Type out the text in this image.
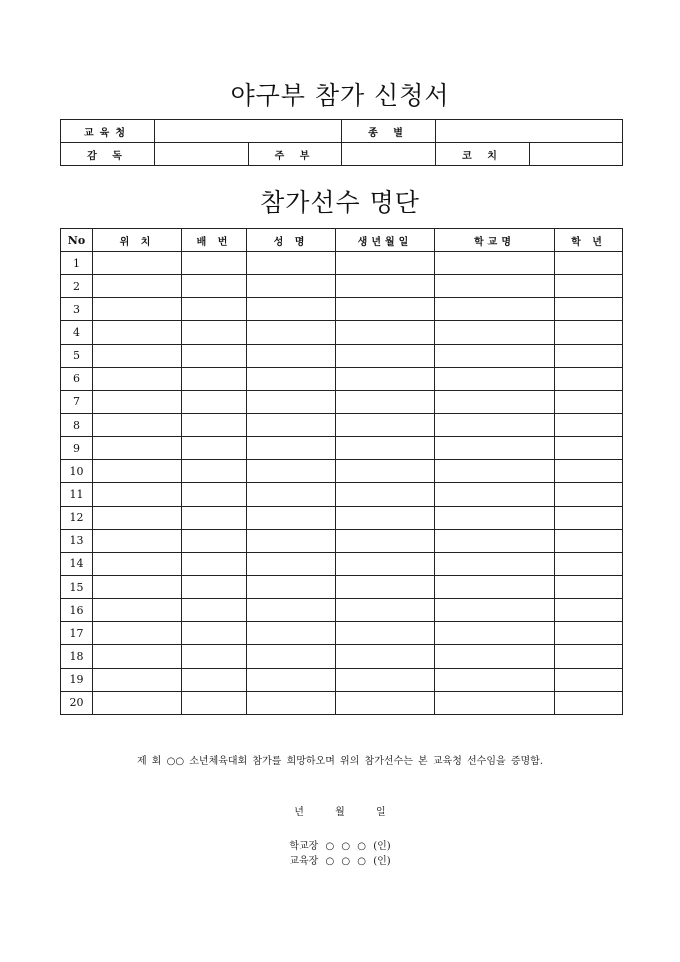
야구부 참가 신청서
교육청			종 별		
감 독		주 부		코 치	
참가선수 명단
No	위 치	배 번	성 명	생년월일	학교명	학 년
1						
2						
3						
4						
5						
6						
7						
8						
9						
10						
11						
12						
13						
14						
15						
16						
17						
18						
19						
20						

제 회 ○○ 소년체육대회 참가를 희망하오며 위의 참가선수는 본 교육청 선수임을 증명함.

년	월	일

학교장 ○ ○ ○ (인)

교육장 ○ ○ ○ (인)
